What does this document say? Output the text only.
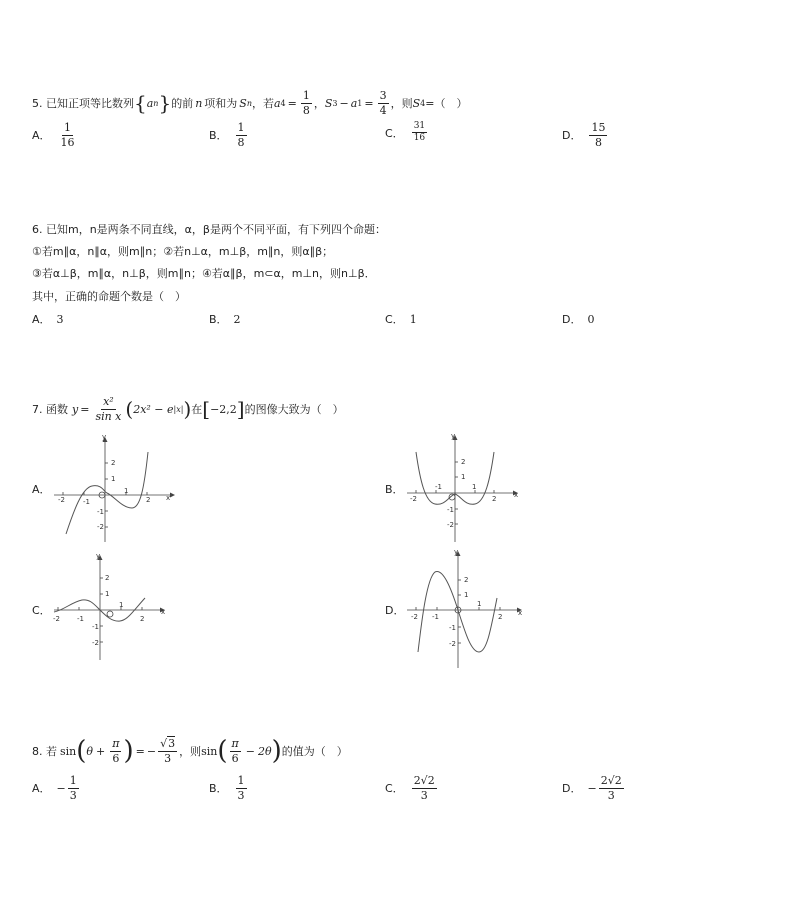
5. 已知正项等比数列 { a n } 的前 n 项和为 S n ，若 a $4 = \frac{1}{8}$ ， S 3 − a $1 = \frac{3}{4}$ ，则 S 4 =（　）
A． $\frac{1}{16}$	B． $\frac{1}{8}$	C． $\frac{31}{16}$	D． $\frac{15}{8}$
6. 已知m，n是两条不同直线，α，β是两个不同平面，有下列四个命题：
①若m∥α，n∥α，则m∥n；②若n⊥α，m⊥β，m∥n，则α∥β；
③若α⊥β，m∥α，n⊥β，则m∥n；④若α∥β，m⊂α，m⊥n，则n⊥β．
其中，正确的命题个数是（　）
A． 3	B． 2	C． 1	D． 0
7. 函数 $y = \frac{\text{x²}}{\text{sin x}}$ ( 2x² − e |x| ) 在 [ −2,2 ] 的图像大致为（　）
A．
-2	-1
1
2
2
1
-1
-2
y
x
B．
-2
-1	1
2
2
1
-1
-2
y
x
C．
-2 -1
1
2
2
1
-1
-2
y
x	D． -2 -1
1
2
2
1
-1
-2
y
x
8. 若 sin ( $\theta + \frac{\pi}{6}$ ) = − $\frac{√3}{3}$ ，则 sin ( $\frac{\pi}{6} - 2\theta$ ) 的值为（　）
A． − $\frac{1}{3}$	B． $\frac{1}{3}$	C． $\frac{2√2}{3}$	D． − $\frac{2√2}{3}$
